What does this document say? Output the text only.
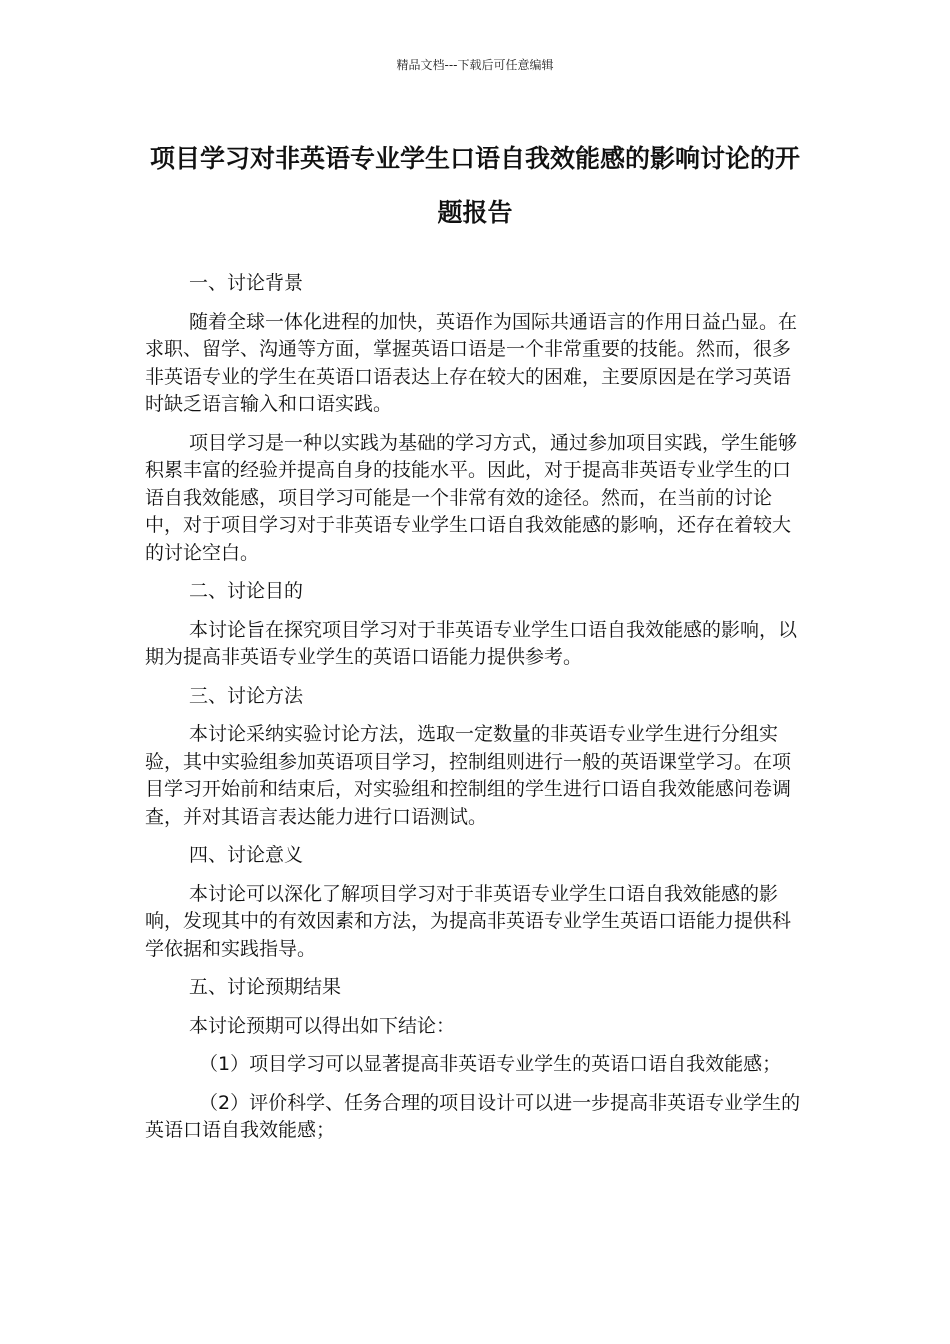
精品文档---下载后可任意编辑
项目学习对非英语专业学生口语自我效能感的影响讨论的开题报告

一、讨论背景

随着全球一体化进程的加快，英语作为国际共通语言的作用日益凸显。在求职、留学、沟通等方面，掌握英语口语是一个非常重要的技能。然而，很多非英语专业的学生在英语口语表达上存在较大的困难，主要原因是在学习英语时缺乏语言输入和口语实践。

项目学习是一种以实践为基础的学习方式，通过参加项目实践，学生能够积累丰富的经验并提高自身的技能水平。因此，对于提高非英语专业学生的口语自我效能感，项目学习可能是一个非常有效的途径。然而，在当前的讨论中，对于项目学习对于非英语专业学生口语自我效能感的影响，还存在着较大的讨论空白。

二、讨论目的

本讨论旨在探究项目学习对于非英语专业学生口语自我效能感的影响，以期为提高非英语专业学生的英语口语能力提供参考。

三、讨论方法

本讨论采纳实验讨论方法，选取一定数量的非英语专业学生进行分组实验，其中实验组参加英语项目学习，控制组则进行一般的英语课堂学习。在项目学习开始前和结束后，对实验组和控制组的学生进行口语自我效能感问卷调查，并对其语言表达能力进行口语测试。

四、讨论意义

本讨论可以深化了解项目学习对于非英语专业学生口语自我效能感的影响，发现其中的有效因素和方法，为提高非英语专业学生英语口语能力提供科学依据和实践指导。

五、讨论预期结果

本讨论预期可以得出如下结论：

（1）项目学习可以显著提高非英语专业学生的英语口语自我效能感；

（2）评价科学、任务合理的项目设计可以进一步提高非英语专业学生的英语口语自我效能感；
